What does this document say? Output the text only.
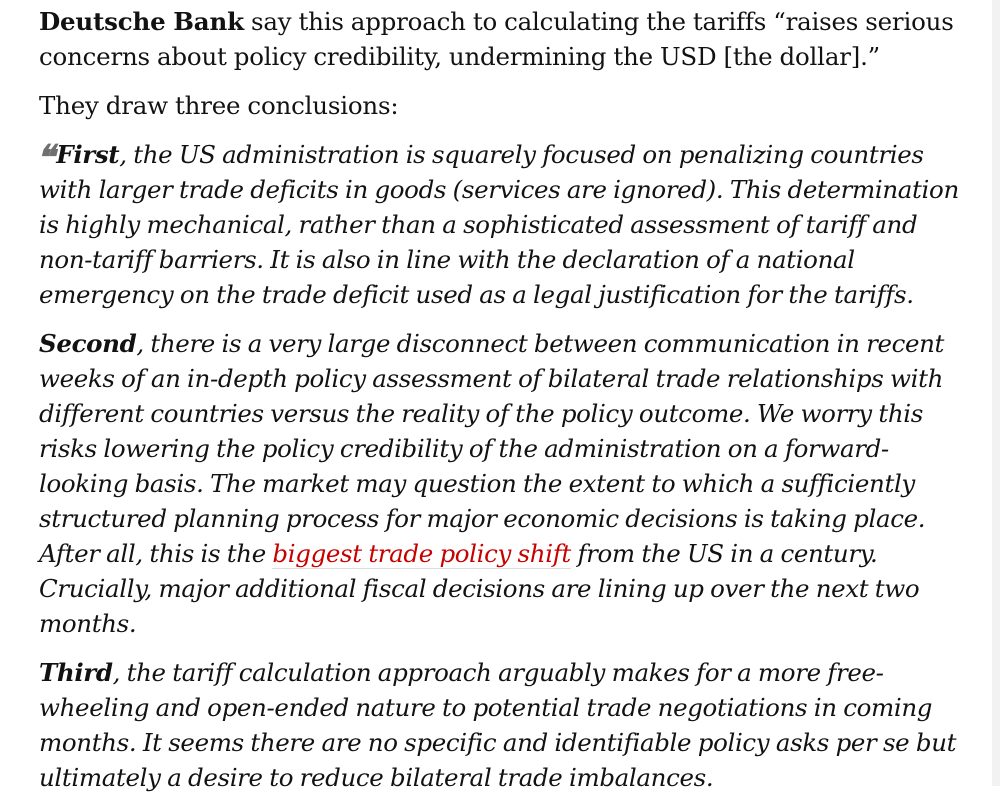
Deutsche Bank say this approach to calculating the tariffs “raises serious concerns about policy credibility, undermining the USD [the dollar].”

They draw three conclusions:

❝First, the US administration is squarely focused on penalizing countries with larger trade deficits in goods (services are ignored). This determination is highly mechanical, rather than a sophisticated assessment of tariff and non-tariff barriers. It is also in line with the declaration of a national emergency on the trade deficit used as a legal justification for the tariffs.

Second, there is a very large disconnect between communication in recent weeks of an in-depth policy assessment of bilateral trade relationships with different countries versus the reality of the policy outcome. We worry this risks lowering the policy credibility of the administration on a forward-looking basis. The market may question the extent to which a sufficiently structured planning process for major economic decisions is taking place. After all, this is the biggest trade policy shift from the US in a century. Crucially, major additional fiscal decisions are lining up over the next two months.

Third, the tariff calculation approach arguably makes for a more free-wheeling and open-ended nature to potential trade negotiations in coming months. It seems there are no specific and identifiable policy asks per se but ultimately a desire to reduce bilateral trade imbalances.
